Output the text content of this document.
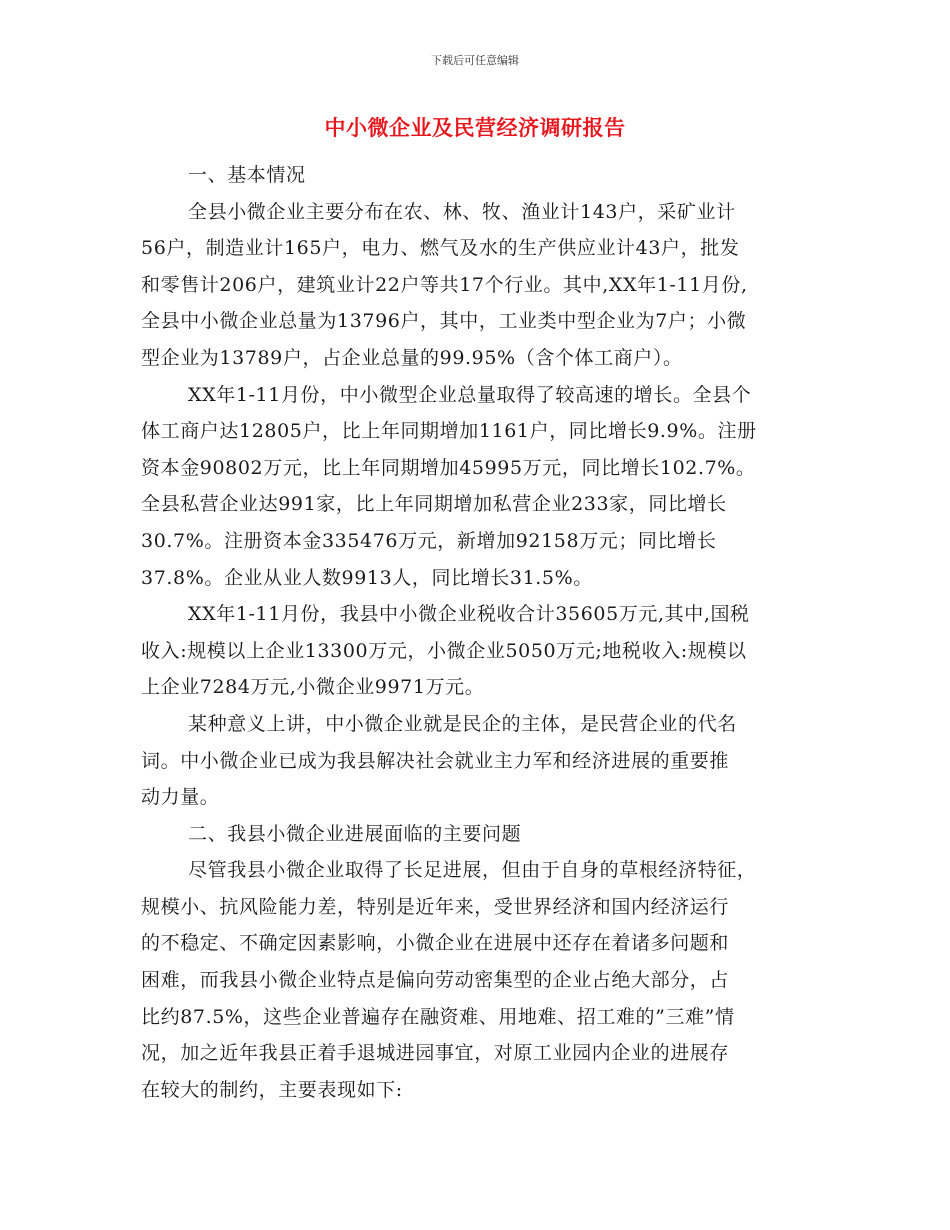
下载后可任意编辑
中小微企业及民营经济调研报告
一、基本情况
全县小微企业主要分布在农、林、牧、渔业计143户，采矿业计
56户，制造业计165户，电力、燃气及水的生产供应业计43户，批发
和零售计206户，建筑业计22户等共17个行业。其中,XX年1-11月份,
全县中小微企业总量为13796户，其中，工业类中型企业为7户；小微
型企业为13789户，占企业总量的99.95%（含个体工商户）。
XX年1-11月份，中小微型企业总量取得了较高速的增长。全县个
体工商户达12805户，比上年同期增加1161户，同比增长9.9%。注册
资本金90802万元，比上年同期增加45995万元，同比增长102.7%。
全县私营企业达991家，比上年同期增加私营企业233家，同比增长
30.7%。注册资本金335476万元，新增加92158万元；同比增长
37.8%。企业从业人数9913人，同比增长31.5%。
XX年1-11月份，我县中小微企业税收合计35605万元,其中,国税
收入:规模以上企业13300万元，小微企业5050万元;地税收入:规模以
上企业7284万元,小微企业9971万元。
某种意义上讲，中小微企业就是民企的主体，是民营企业的代名
词。中小微企业已成为我县解决社会就业主力军和经济进展的重要推
动力量。
二、我县小微企业进展面临的主要问题
尽管我县小微企业取得了长足进展，但由于自身的草根经济特征，
规模小、抗风险能力差，特别是近年来，受世界经济和国内经济运行
的不稳定、不确定因素影响，小微企业在进展中还存在着诸多问题和
困难，而我县小微企业特点是偏向劳动密集型的企业占绝大部分，占
比约87.5%，这些企业普遍存在融资难、用地难、招工难的”三难”情
况，加之近年我县正着手退城进园事宜，对原工业园内企业的进展存
在较大的制约，主要表现如下:
